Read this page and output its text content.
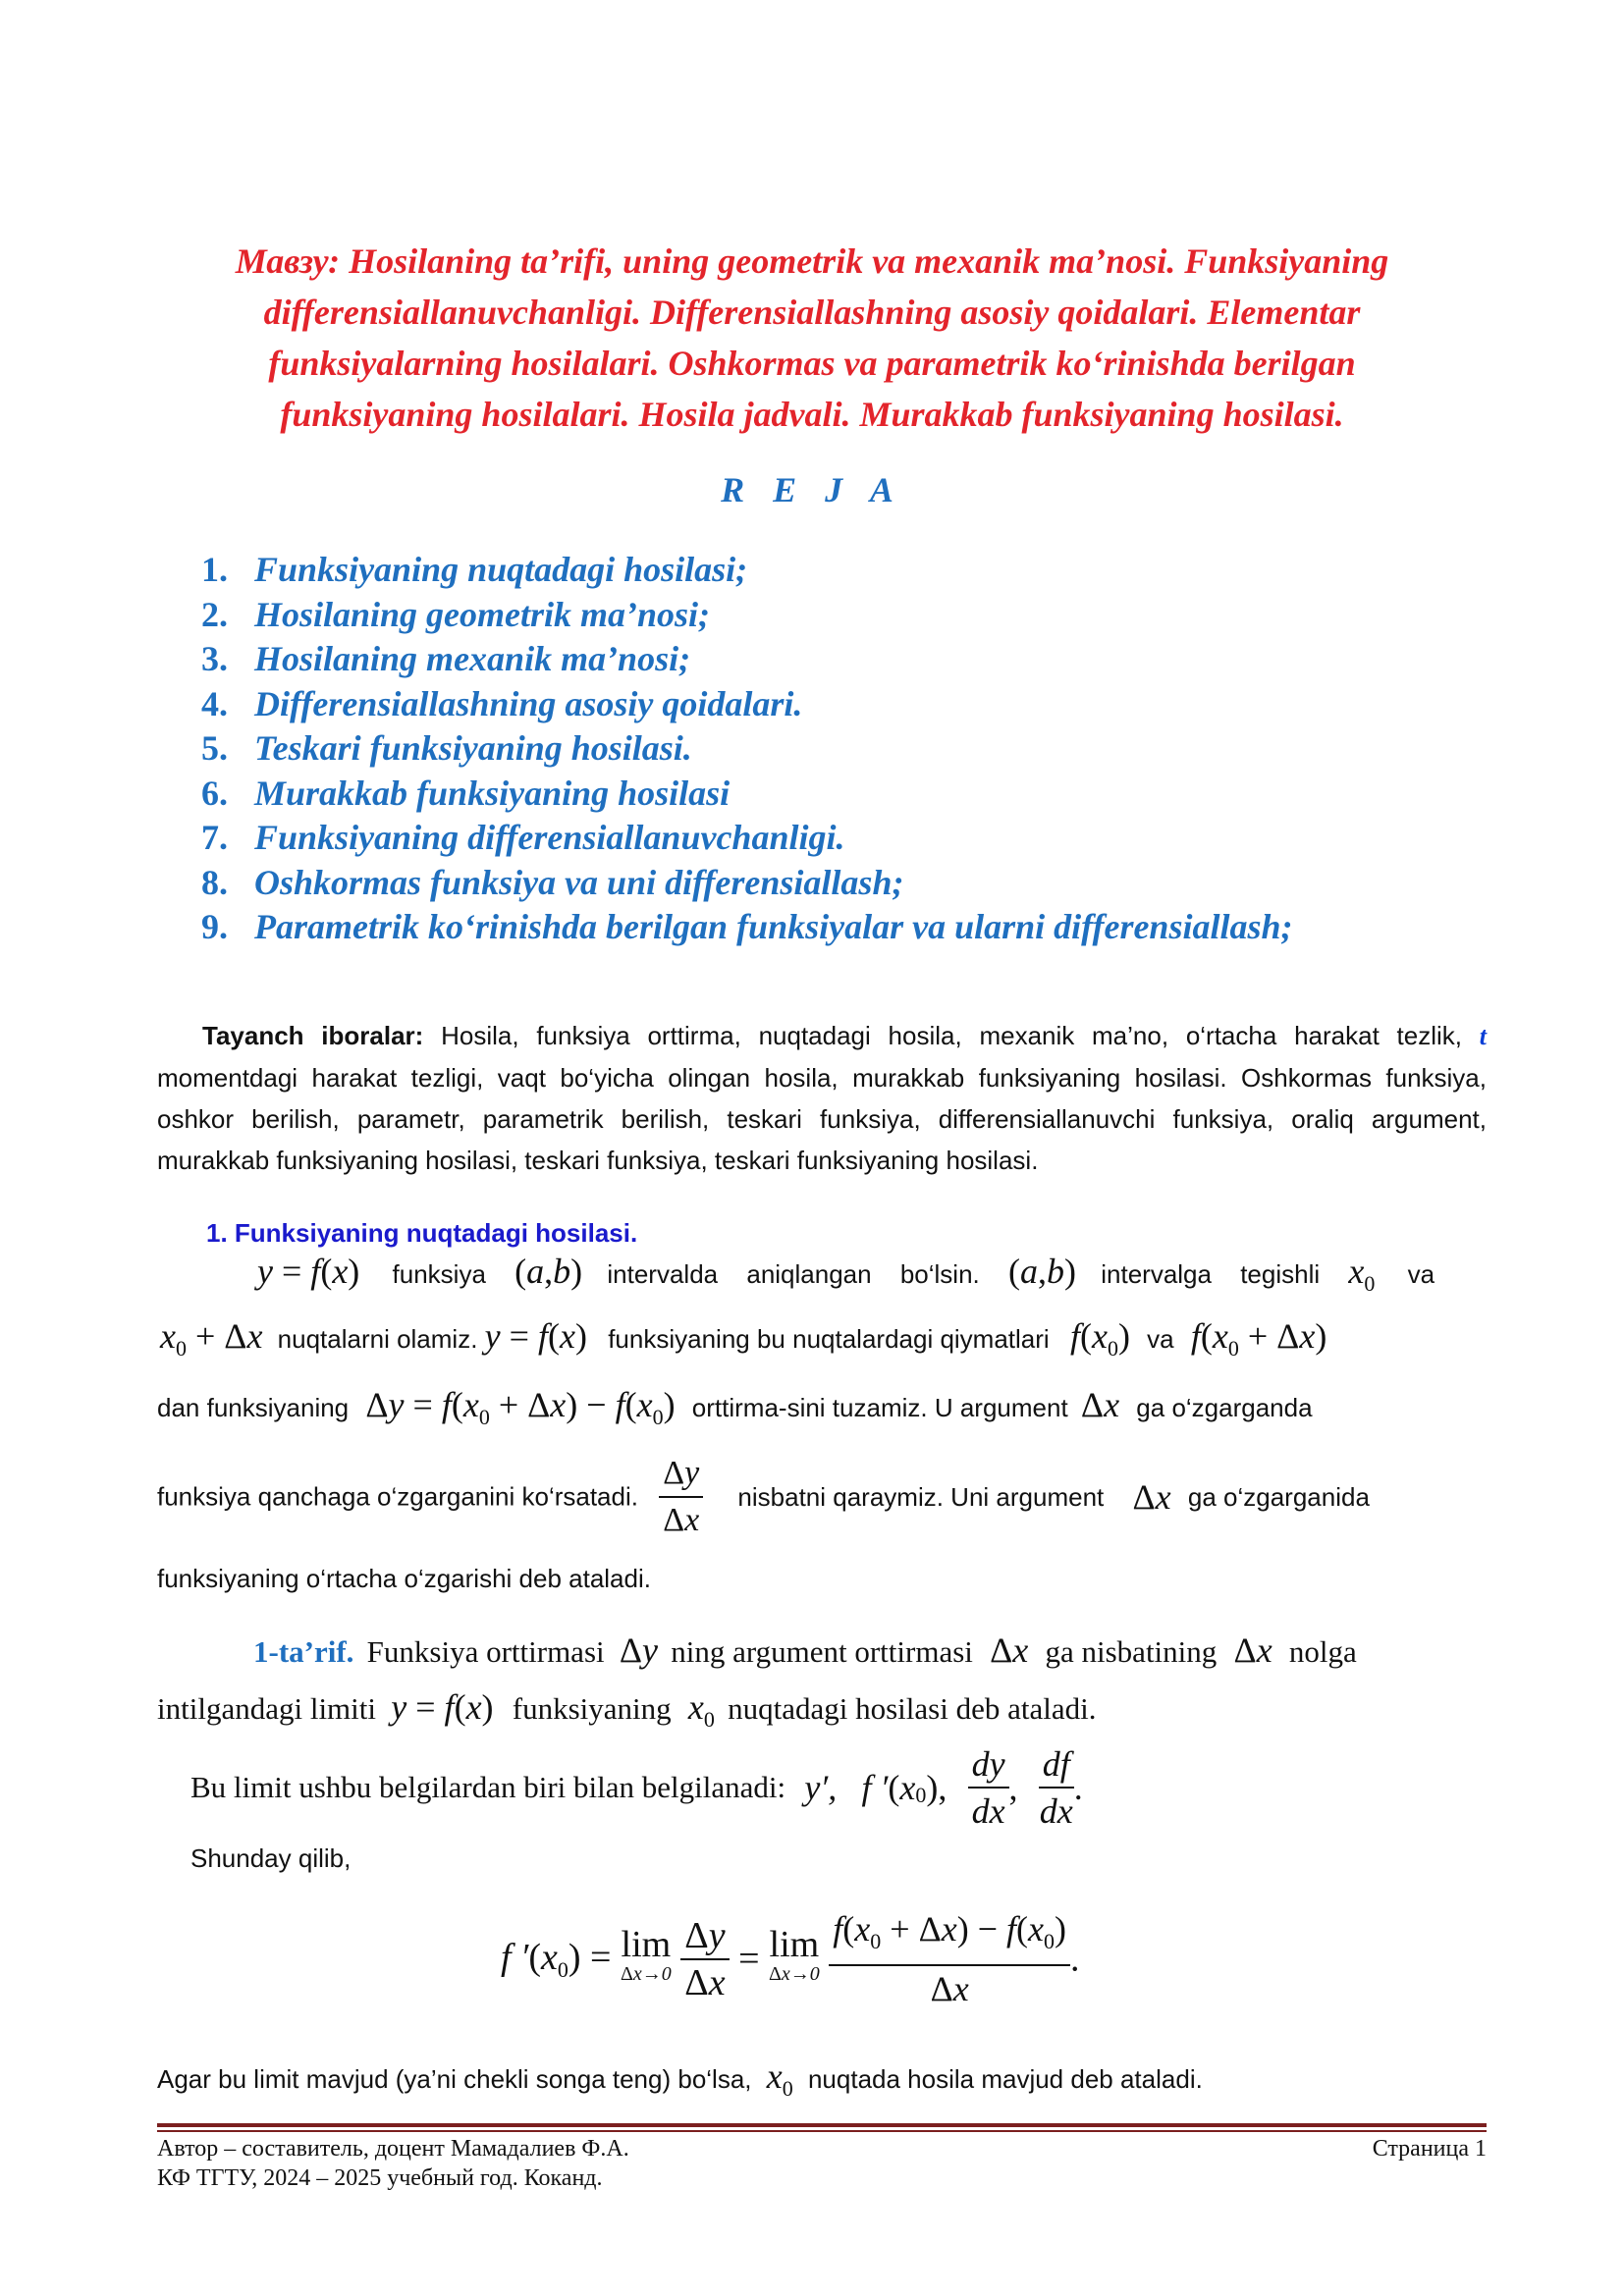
Мавзу: Hosilaning ta’rifi, uning geometrik va mexanik ma’nosi. Funksiyaning
differensiallanuvchanligi. Differensiallashning asosiy qoidalari. Elementar
funksiyalarning hosilalari. Oshkormas va parametrik ko‘rinishda berilgan
funksiyaning hosilalari. Hosila jadvali. Murakkab funksiyaning hosilasi.
R E J A
1. Funksiyaning nuqtadagi hosilasi;
2. Hosilaning geometrik ma’nosi;
3. Hosilaning mexanik ma’nosi;
4. Differensiallashning asosiy qoidalari.
5. Teskari funksiyaning hosilasi.
6. Murakkab funksiyaning hosilasi
7. Funksiyaning differensiallanuvchanligi.
8. Oshkormas funksiya va uni differensiallash;
9. Parametrik ko‘rinishda berilgan funksiyalar va ularni differensiallash;
Tayanch iboralar: Hosila, funksiya orttirma, nuqtadagi hosila, mexanik ma’no, o‘rtacha harakat tezlik, t momentdagi harakat tezligi, vaqt bo‘yicha olingan hosila, murakkab funksiyaning hosilasi. Oshkormas funksiya, oshkor berilish, parametr, parametrik berilish, teskari funksiya, differensiallanuvchi funksiya, oraliq argument, murakkab funksiyaning hosilasi, teskari funksiya, teskari funksiyaning hosilasi.
1. Funksiyaning nuqtadagi hosilasi.
y = f(x) funksiya (a,b) intervalda aniqlangan bo‘lsin. (a,b) intervalga tegishli $x_0$ va
$x_0 + \Delta x$ nuqtalarni olamiz. y = f(x) funksiyaning bu nuqtalardagi qiymatlari $f(x_0)$ va $f(x_0 + \Delta x)$
dan funksiyaning $\Delta y = f(x_0 + \Delta x) - f(x_0)$ orttirma-sini tuzamiz. U argument Δx ga o‘zgarganda
funksiya qanchaga o‘zgarganini ko‘rsatadi. $\frac{\Delta y}{\Delta x}$ nisbatni qaraymiz. Uni argument Δx ga o‘zgarganida
funksiyaning o‘rtacha o‘zgarishi deb ataladi.
1-ta’rif. Funksiya orttirmasi Δy ning argument orttirmasi Δx ga nisbatining Δx nolga
intilgandagi limiti y = f(x) funksiyaning $x_0$ nuqtadagi hosilasi deb ataladi.
Bu limit ushbu belgilardan biri bilan belgilanadi: y′, f $'(x_0)$, $\frac{dy}{dx}$ , $\frac{df}{dx}$ .
Shunday qilib,
f $'(x_0) = \lim$
Δx→0
$\frac{\Delta y}{\Delta x} = \lim$
Δx→0
$\frac{f(x_0 + \Delta x) - f(x_0)}{\Delta x}$ .
Agar bu limit mavjud (ya’ni chekli songa teng) bo‘lsa, $x_0$ nuqtada hosila mavjud deb ataladi.
Автор – составитель, доцент Мамадалиев Ф.А.
КФ ТГТУ, 2024 – 2025 учебный год. Коканд.
Страница 1
